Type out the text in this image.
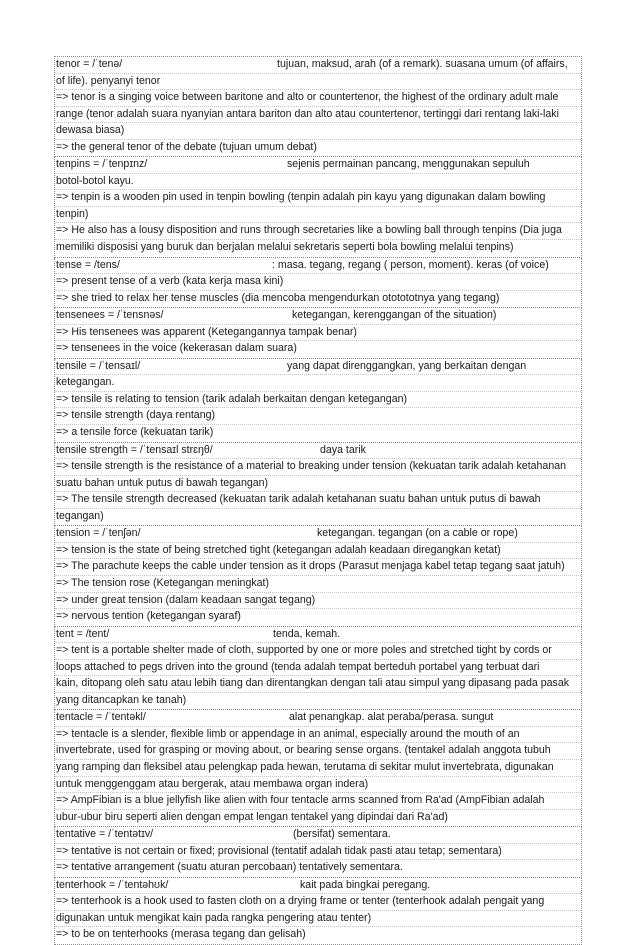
tenor = /ˈtenə/	tujuan, maksud, arah (of a remark). suasana umum (of affairs,
of life). penyanyi tenor
=> tenor is a singing voice between baritone and alto or countertenor, the highest of the ordinary adult male
range (tenor adalah suara nyanyian antara bariton dan alto atau countertenor, tertinggi dari rentang laki-laki
dewasa biasa)
=> the general tenor of the debate (tujuan umum debat)
tenpins = /ˈtenpɪnz/	sejenis permainan pancang, menggunakan sepuluh
botol-botol kayu.
=> tenpin is a wooden pin used in tenpin bowling (tenpin adalah pin kayu yang digunakan dalam bowling
tenpin)
=> He also has a lousy disposition and runs through secretaries like a bowling ball through tenpins (Dia juga
memiliki disposisi yang buruk dan berjalan melalui sekretaris seperti bola bowling melalui tenpins)
tense = /tens/	: masa. tegang, regang ( person, moment). keras (of voice)
=> present tense of a verb (kata kerja masa kini)
=> she tried to relax her tense muscles (dia mencoba mengendurkan ototototnya yang tegang)
tensenees = /ˈtensnəs/	ketegangan, kerenggangan of the situation)
=> His tensenees was apparent (Ketegangannya tampak benar)
=> tensenees in the voice (kekerasan dalam suara)
tensile = /ˈtensaɪl/	yang dapat direnggangkan, yang berkaitan dengan
ketegangan.
=> tensile is relating to tension (tarik adalah berkaitan dengan ketegangan)
=> tensile strength (daya rentang)
=> a tensile force (kekuatan tarik)
tensile strength = /ˈtensaɪl strɛŋθ/	daya tarik
=> tensile strength is the resistance of a material to breaking under tension (kekuatan tarik adalah ketahanan
suatu bahan untuk putus di bawah tegangan)
=> The tensile strength decreased (kekuatan tarik adalah ketahanan suatu bahan untuk putus di bawah
tegangan)
tension = /ˈtenʃən/	ketegangan. tegangan (on a cable or rope)
=> tension is the state of being stretched tight (ketegangan adalah keadaan diregangkan ketat)
=> The parachute keeps the cable under tension as it drops (Parasut menjaga kabel tetap tegang saat jatuh)
=> The tension rose (Ketegangan meningkat)
=> under great tension (dalam keadaan sangat tegang)
=> nervous tention (ketegangan syaraf)
tent = /tent/	tenda, kemah.
=> tent is a portable shelter made of cloth, supported by one or more poles and stretched tight by cords or
loops attached to pegs driven into the ground (tenda adalah tempat berteduh portabel yang terbuat dari
kain, ditopang oleh satu atau lebih tiang dan direntangkan dengan tali atau simpul yang dipasang pada pasak
yang ditancapkan ke tanah)
tentacle = /ˈtentəkl/	alat penangkap. alat peraba/perasa. sungut
=> tentacle is a slender, flexible limb or appendage in an animal, especially around the mouth of an
invertebrate, used for grasping or moving about, or bearing sense organs. (tentakel adalah anggota tubuh
yang ramping dan fleksibel atau pelengkap pada hewan, terutama di sekitar mulut invertebrata, digunakan
untuk menggenggam atau bergerak, atau membawa organ indera)
=> AmpFibian is a blue jellyfish like alien with four tentacle arms scanned from Ra'ad (AmpFibian adalah
ubur-ubur biru seperti alien dengan empat lengan tentakel yang dipindai dari Ra'ad)
tentative = /ˈtentətɪv/	(bersifat) sementara.
=> tentative is not certain or fixed; provisional (tentatif adalah tidak pasti atau tetap; sementara)
=> tentative arrangement (suatu aturan percobaan) tentatively sementara.
tenterhook = /ˈtentəhʊk/	kait pada bingkai peregang.
=> tenterhook is a hook used to fasten cloth on a drying frame or tenter (tenterhook adalah pengait yang
digunakan untuk mengikat kain pada rangka pengering atau tenter)
=> to be on tenterhooks (merasa tegang dan gelisah)
